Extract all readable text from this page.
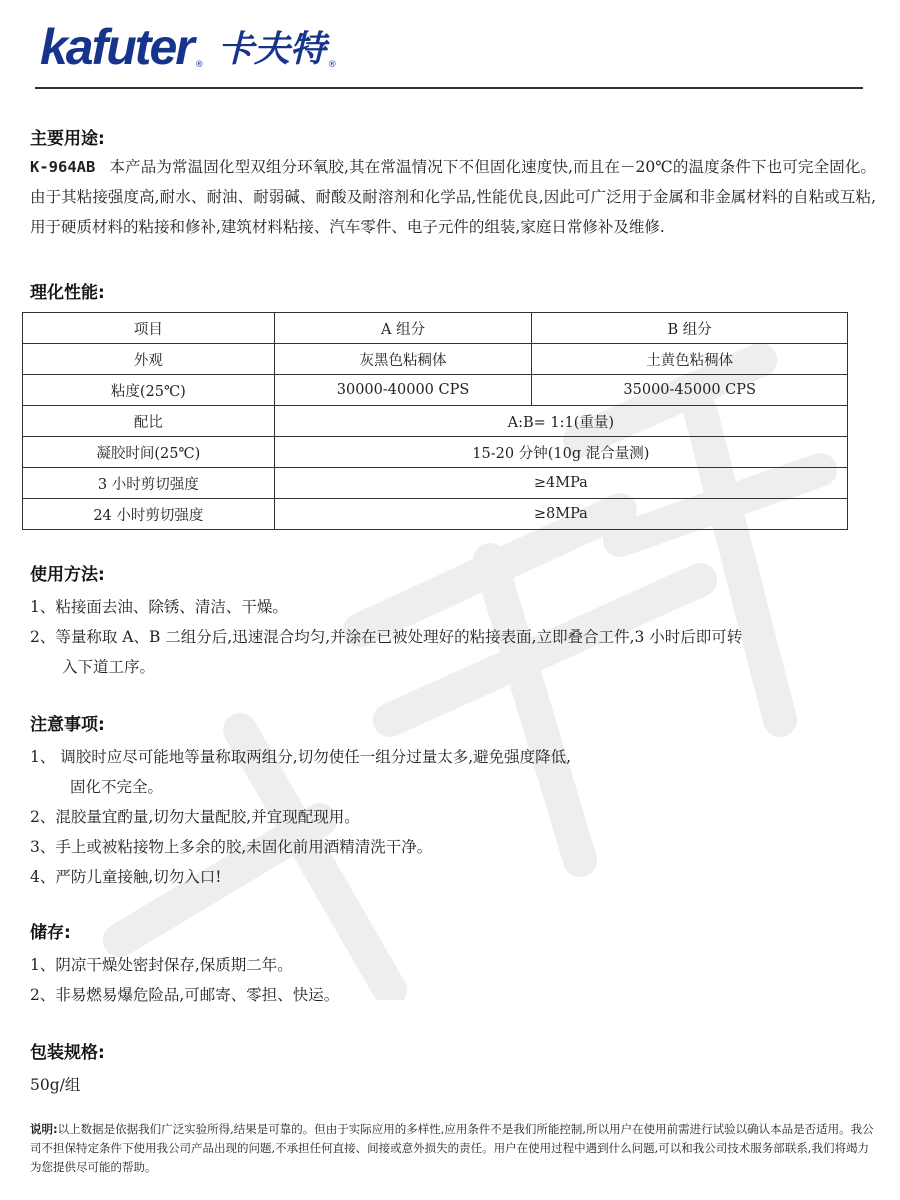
kafuter ® 卡夫特 ®
主要用途:

K-964AB 本产品为常温固化型双组分环氧胶,其在常温情况下不但固化速度快,而且在－20℃的温度条件下也可完全固化。由于其粘接强度高,耐水、耐油、耐弱碱、耐酸及耐溶剂和化学品,性能优良,因此可广泛用于金属和非金属材料的自粘或互粘,用于硬质材料的粘接和修补,建筑材料粘接、汽车零件、电子元件的组装,家庭日常修补及维修.

理化性能:
项目	A 组分	B 组分
外观	灰黑色粘稠体	土黄色粘稠体
粘度(25℃)	30000-40000 CPS	35000-45000 CPS
配比	A:B= 1:1(重量)	
凝胶时间(25℃)	15-20 分钟(10g 混合量测)	
3 小时剪切强度	≥4MPa	
24 小时剪切强度	≥8MPa	
使用方法:

1、粘接面去油、除锈、清洁、干燥。

2、等量称取 A、B 二组分后,迅速混合均匀,并涂在已被处理好的粘接表面,立即叠合工件,3 小时后即可转

入下道工序。

注意事项:

1、 调胶时应尽可能地等量称取两组分,切勿使任一组分过量太多,避免强度降低,

固化不完全。

2、混胶量宜酌量,切勿大量配胶,并宜现配现用。

3、手上或被粘接物上多余的胶,未固化前用酒精清洗干净。

4、严防儿童接触,切勿入口!

储存:

1、阴凉干燥处密封保存,保质期二年。

2、非易燃易爆危险品,可邮寄、零担、快运。

包装规格:

50g/组

说明:以上数据是依据我们广泛实验所得,结果是可靠的。但由于实际应用的多样性,应用条件不是我们所能控制,所以用户在使用前需进行试验以确认本品是否适用。我公司不担保特定条件下使用我公司产品出现的问题,不承担任何直接、间接或意外损失的责任。用户在使用过程中遇到什么问题,可以和我公司技术服务部联系,我们将竭力为您提供尽可能的帮助。
